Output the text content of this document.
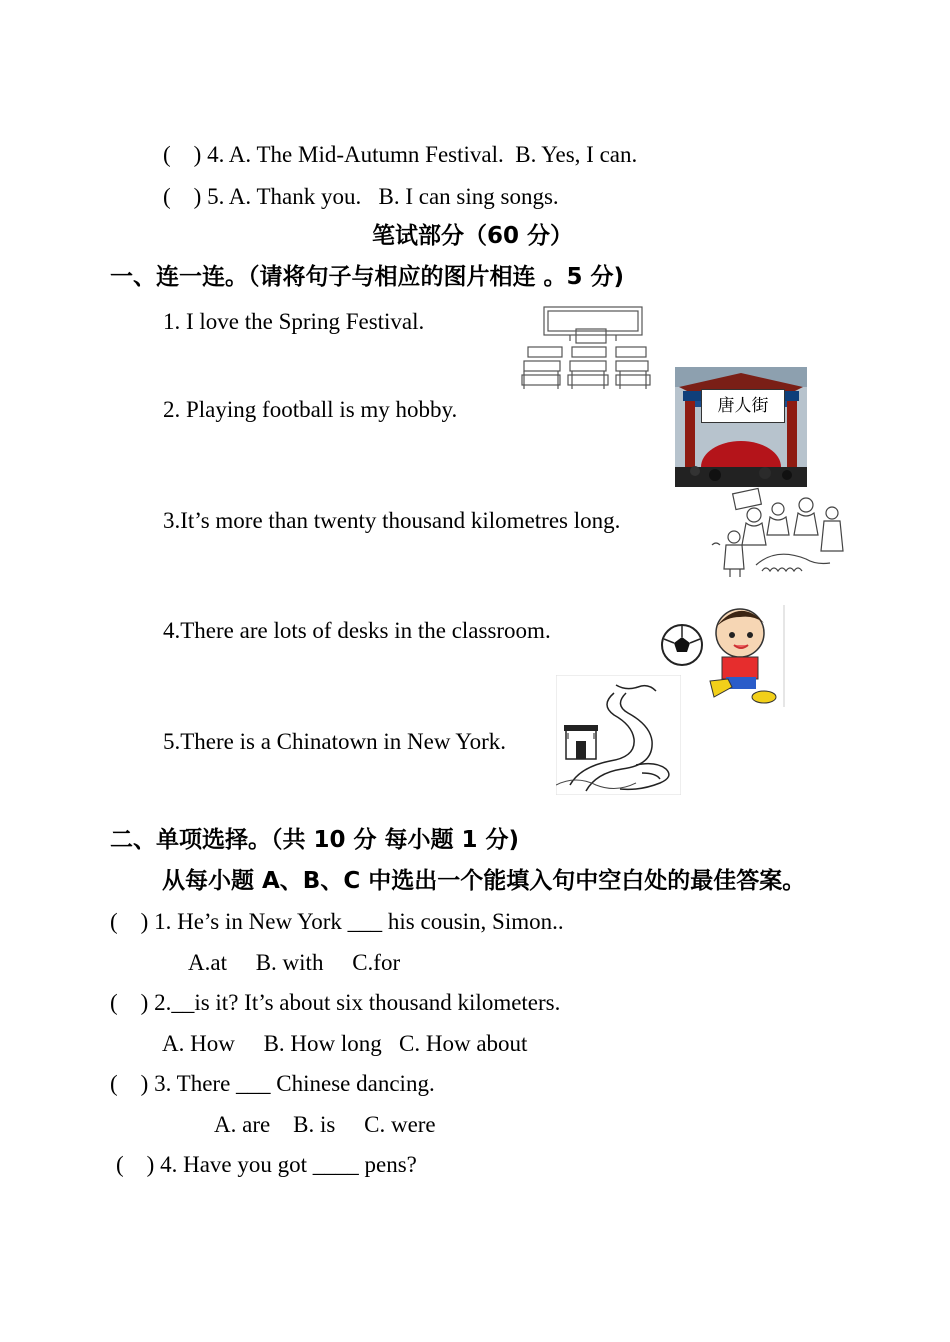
(    ) 4. A. The Mid-Autumn Festival.  B. Yes, I can.
(    ) 5. A. Thank you.   B. I can sing songs.
笔试部分（60 分）
一、连一连。（请将句子与相应的图片相连 。5 分)
1. I love the Spring Festival.
2. Playing football is my hobby.
3.It’s more than twenty thousand kilometres long.
4.There are lots of desks in the classroom.
5.There is a Chinatown in New York.
唐人街
二、单项选择。（共 10 分 每小题 1 分)
从每小题 A、B、C 中选出一个能填入句中空白处的最佳答案。
(    ) 1. He’s in New York ___ his cousin, Simon..
A.at     B. with     C.for
(    ) 2.__is it? It’s about six thousand kilometers.
A. How     B. How long   C. How about
(    ) 3. There ___ Chinese dancing.
A. are    B. is     C. were
(    ) 4. Have you got ____ pens?
